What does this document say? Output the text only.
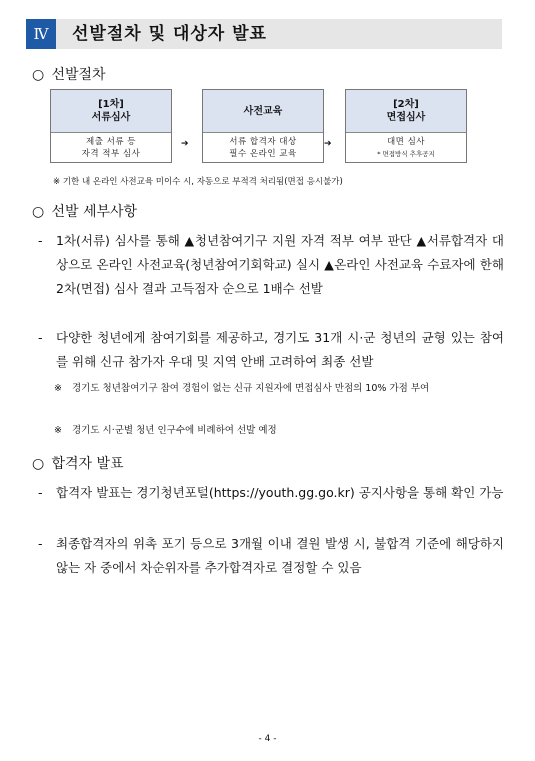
Ⅳ	선발절차 및 대상자 발표
○ 선발절차
[1차]
서류심사
제출 서류 등
자격 적부 심사
➔
사전교육
서류 합격자 대상
필수 온라인 교육
➔
[2차]
면접심사
대면 심사
* 면접방식 추후공지
※ 기한 내 온라인 사전교육 미이수 시, 자동으로 부적격 처리됨(면접 응시불가)
○ 선발 세부사항
- 1차(서류) 심사를 통해 ▲청년참여기구 지원 자격 적부 여부 판단 ▲서류합격자 대상으로 온라인 사전교육(청년참여기회학교) 실시 ▲온라인 사전교육 수료자에 한해 2차(면접) 심사 결과 고득점자 순으로 1배수 선발
- 다양한 청년에게 참여기회를 제공하고, 경기도 31개 시·군 청년의 균형 있는 참여를 위해 신규 참가자 우대 및 지역 안배 고려하여 최종 선발
※ 경기도 청년참여기구 참여 경험이 없는 신규 지원자에 면접심사 만점의 10% 가점 부여
※ 경기도 시·군별 청년 인구수에 비례하여 선발 예정
○ 합격자 발표
- 합격자 발표는 경기청년포털(https://youth.gg.go.kr) 공지사항을 통해 확인 가능
- 최종합격자의 위촉 포기 등으로 3개월 이내 결원 발생 시, 불합격 기준에 해당하지 않는 자 중에서 차순위자를 추가합격자로 결정할 수 있음
- 4 -
